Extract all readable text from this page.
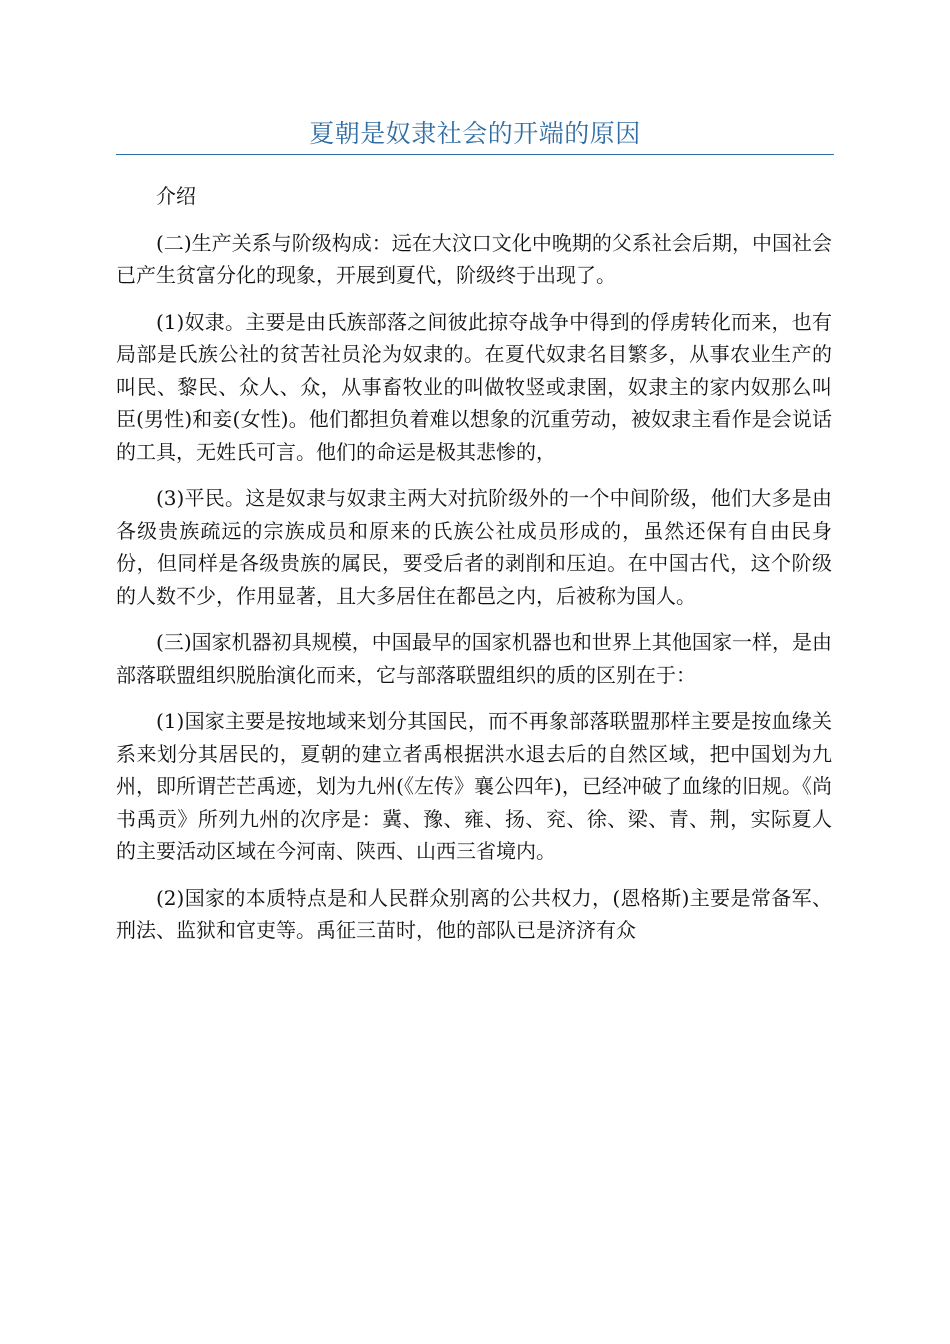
夏朝是奴隶社会的开端的原因

介绍

(二)生产关系与阶级构成：远在大汶口文化中晚期的父系社会后期，中国社会已产生贫富分化的现象，开展到夏代，阶级终于出现了。

(1)奴隶。主要是由氏族部落之间彼此掠夺战争中得到的俘虏转化而来，也有局部是氏族公社的贫苦社员沦为奴隶的。在夏代奴隶名目繁多，从事农业生产的叫民、黎民、众人、众，从事畜牧业的叫做牧竖或隶圉，奴隶主的家内奴那么叫臣(男性)和妾(女性)。他们都担负着难以想象的沉重劳动，被奴隶主看作是会说话的工具，无姓氏可言。他们的命运是极其悲惨的，

(3)平民。这是奴隶与奴隶主两大对抗阶级外的一个中间阶级，他们大多是由各级贵族疏远的宗族成员和原来的氏族公社成员形成的，虽然还保有自由民身份，但同样是各级贵族的属民，要受后者的剥削和压迫。在中国古代，这个阶级的人数不少，作用显著，且大多居住在都邑之内，后被称为国人。

(三)国家机器初具规模，中国最早的国家机器也和世界上其他国家一样，是由部落联盟组织脱胎演化而来，它与部落联盟组织的质的区别在于：

(1)国家主要是按地域来划分其国民，而不再象部落联盟那样主要是按血缘关系来划分其居民的，夏朝的建立者禹根据洪水退去后的自然区域，把中国划为九州，即所谓芒芒禹迹，划为九州(《左传》襄公四年)，已经冲破了血缘的旧规。《尚书禹贡》所列九州的次序是：冀、豫、雍、扬、兖、徐、梁、青、荆，实际夏人的主要活动区域在今河南、陕西、山西三省境内。

(2)国家的本质特点是和人民群众别离的公共权力，(恩格斯)主要是常备军、刑法、监狱和官吏等。禹征三苗时，他的部队已是济济有众
